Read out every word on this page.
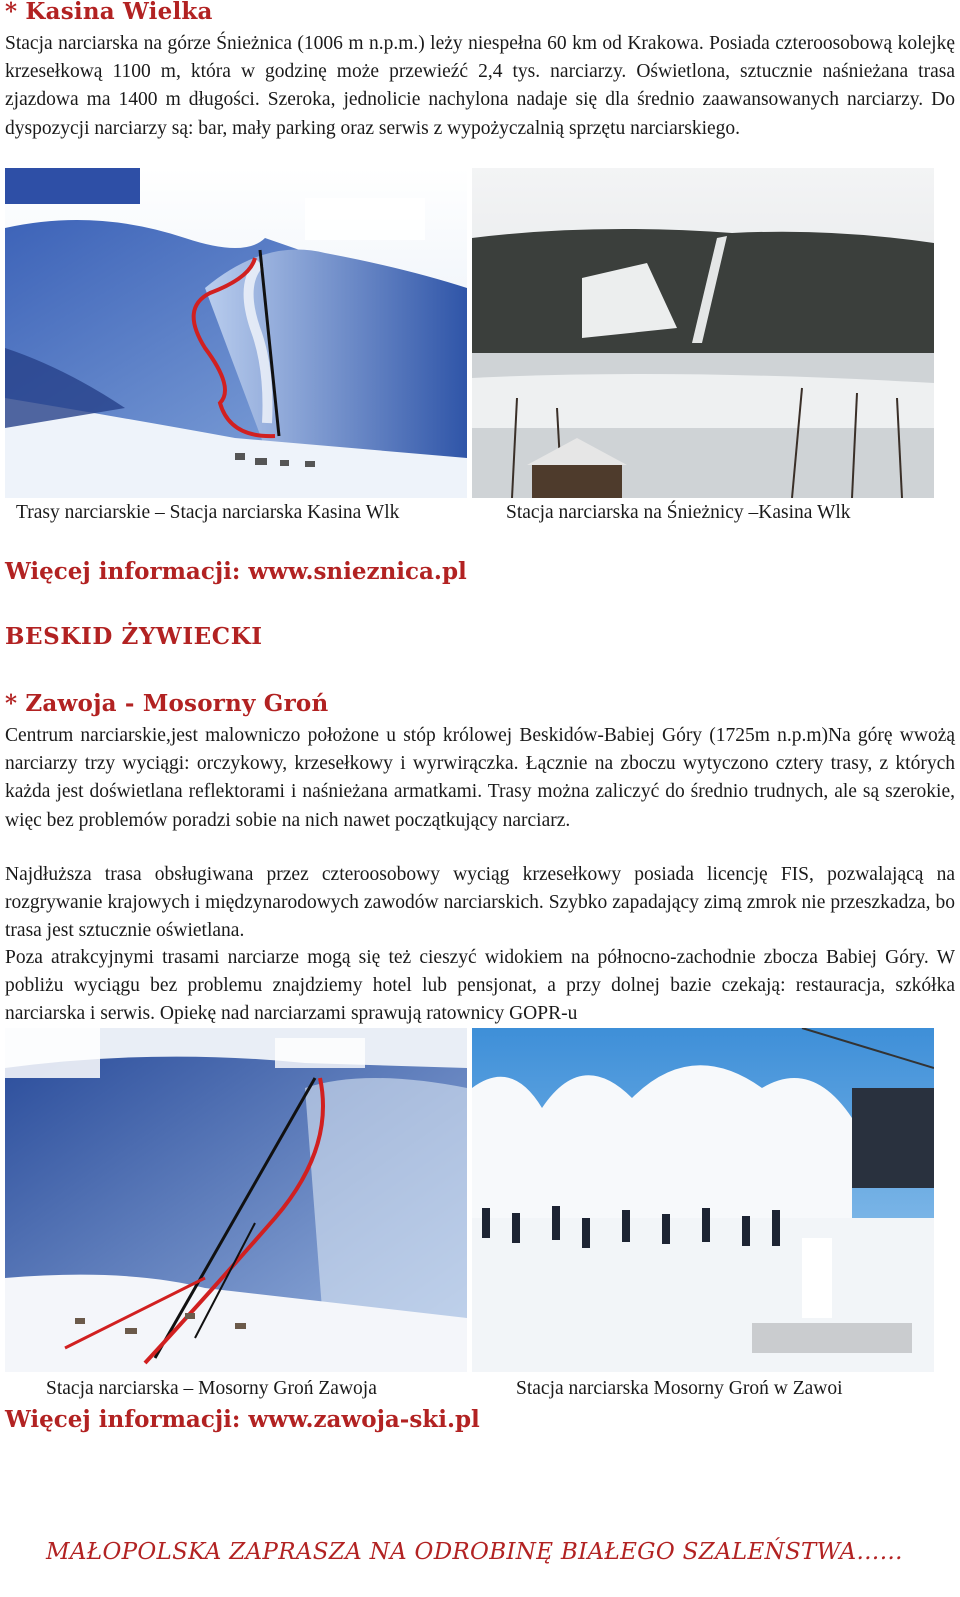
* Kasina Wielka

Stacja narciarska na górze Śnieżnica (1006 m n.p.m.) leży niespełna 60 km od Krakowa. Posiada czteroosobową kolejkę krzesełkową 1100 m, która w godzinę może przewieźć 2,4 tys. narciarzy. Oświetlona, sztucznie naśnieżana trasa zjazdowa ma 1400 m długości. Szeroka, jednolicie nachylona nadaje się dla średnio zaawansowanych narciarzy. Do dyspozycji narciarzy są: bar, mały parking oraz serwis z wypożyczalnią sprzętu narciarskiego.

Trasy narciarskie – Stacja narciarska Kasina Wlk	Stacja narciarska na Śnieżnicy –Kasina Wlk

Więcej informacji: www.snieznica.pl

BESKID ŻYWIECKI
* Zawoja - Mosorny Groń

Centrum narciarskie,jest malowniczo położone u stóp królowej Beskidów-Babiej Góry (1725m n.p.m)Na górę wwożą narciarzy trzy wyciągi: orczykowy, krzesełkowy i wyrwirączka. Łącznie na zboczu wytyczono cztery trasy, z których każda jest doświetlana reflektorami i naśnieżana armatkami. Trasy można zaliczyć do średnio trudnych, ale są szerokie, więc bez problemów poradzi sobie na nich nawet początkujący narciarz.

Najdłuższa trasa obsługiwana przez czteroosobowy wyciąg krzesełkowy posiada licencję FIS, pozwalającą na rozgrywanie krajowych i międzynarodowych zawodów narciarskich. Szybko zapadający zimą zmrok nie przeszkadza, bo trasa jest sztucznie oświetlana.

Poza atrakcyjnymi trasami narciarze mogą się też cieszyć widokiem na północno-zachodnie zbocza Babiej Góry. W pobliżu wyciągu bez problemu znajdziemy hotel lub pensjonat, a przy dolnej bazie czekają: restauracja, szkółka narciarska i serwis. Opiekę nad narciarzami sprawują ratownicy GOPR-u

Stacja narciarska – Mosorny Groń Zawoja	Stacja narciarska Mosorny Groń w Zawoi

Więcej informacji: www.zawoja-ski.pl

MAŁOPOLSKA ZAPRASZA NA ODROBINĘ BIAŁEGO SZALEŃSTWA……
